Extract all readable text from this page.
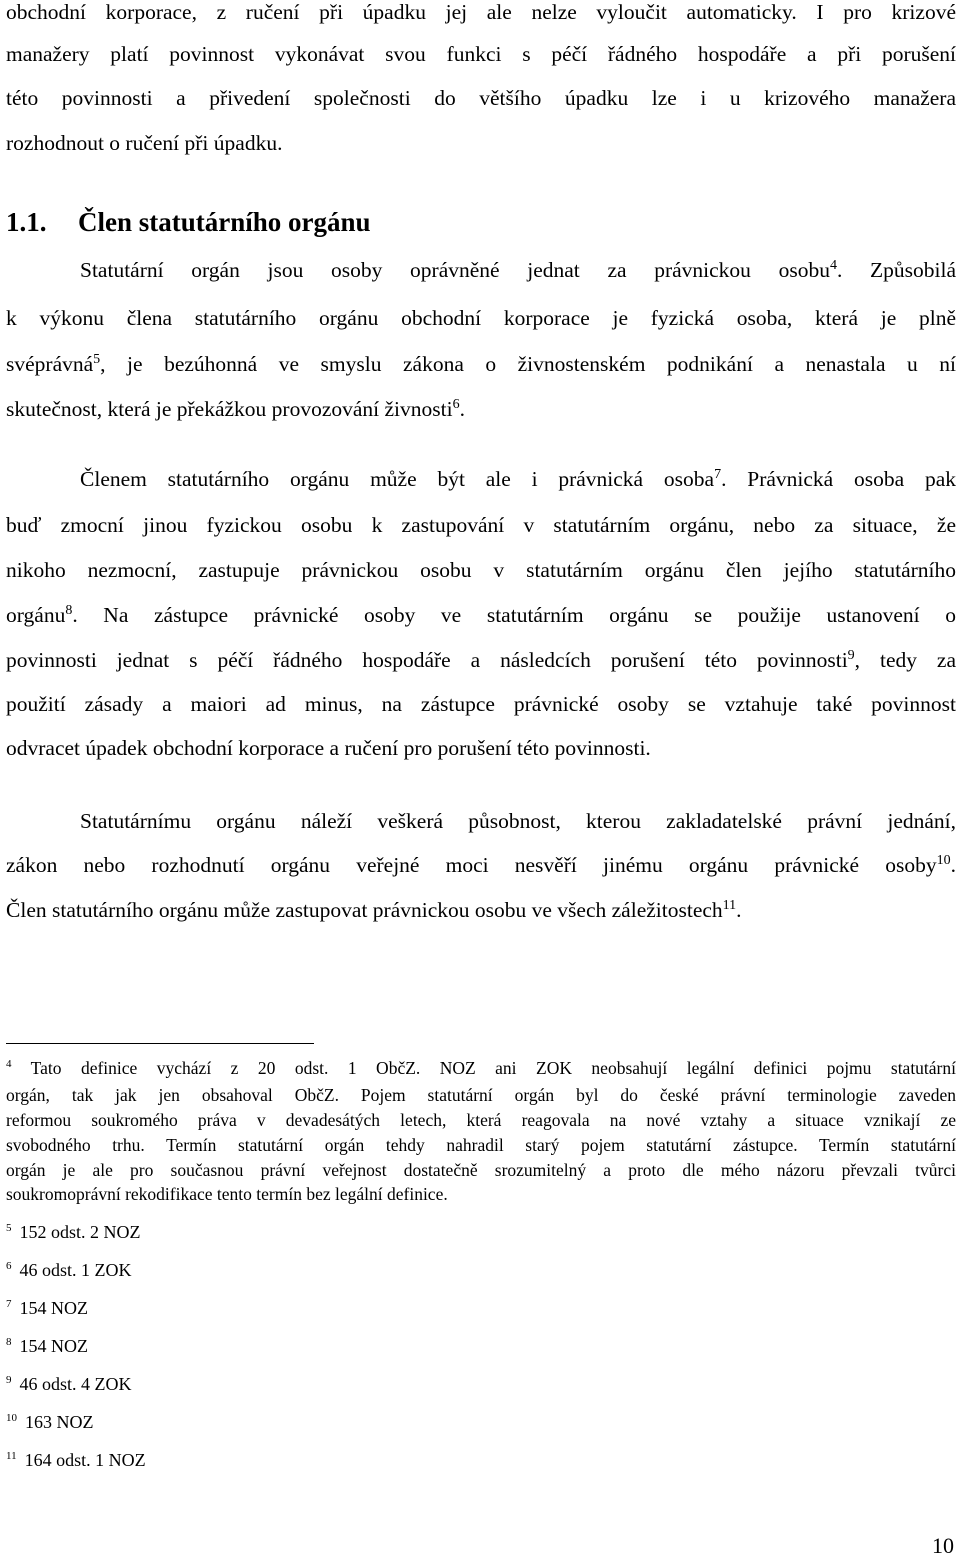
obchodní korporace, z ručení při úpadku jej ale nelze vyloučit automaticky. I pro krizové
manažery platí povinnost vykonávat svou funkci s péčí řádného hospodáře a při porušení
této povinnosti a přivedení společnosti do většího úpadku lze i u krizového manažera
rozhodnout o ručení při úpadku.
1.1. Člen statutárního orgánu
Statutární orgán jsou osoby oprávněné jednat za právnickou osobu$^4$. Způsobilá
k výkonu člena statutárního orgánu obchodní korporace je fyzická osoba, která je plně
svéprávná$^5$, je bezúhonná ve smyslu zákona o živnostenském podnikání a nenastala u ní
skutečnost, která je překážkou provozování živnosti$^6$.
Členem statutárního orgánu může být ale i právnická osoba$^7$. Právnická osoba pak
buď zmocní jinou fyzickou osobu k zastupování v statutárním orgánu, nebo za situace, že
nikoho nezmocní, zastupuje právnickou osobu v statutárním orgánu člen jejího statutárního
orgánu$^8$. Na zástupce právnické osoby ve statutárním orgánu se použije ustanovení o
povinnosti jednat s péčí řádného hospodáře a následcích porušení této povinnosti$^9$, tedy za
použití zásady a maiori ad minus, na zástupce právnické osoby se vztahuje také povinnost
odvracet úpadek obchodní korporace a ručení pro porušení této povinnosti.
Statutárnímu orgánu náleží veškerá působnost, kterou zakladatelské právní jednání,
zákon nebo rozhodnutí orgánu veřejné moci nesvěří jinému orgánu právnické osoby$^{10}$.
Člen statutárního orgánu může zastupovat právnickou osobu ve všech záležitostech$^{11}$.
$^4$ Tato definice vychází z 20 odst. 1 ObčZ. NOZ ani ZOK neobsahují legální definici pojmu statutární
orgán, tak jak jen obsahoval ObčZ. Pojem statutární orgán byl do české právní terminologie zaveden
reformou soukromého práva v devadesátých letech, která reagovala na nové vztahy a situace vznikají ze
svobodného trhu. Termín statutární orgán tehdy nahradil starý pojem statutární zástupce. Termín statutární
orgán je ale pro současnou právní veřejnost dostatečně srozumitelný a proto dle mého názoru převzali tvůrci
soukromoprávní rekodifikace tento termín bez legální definice.
$^5$ 152 odst. 2 NOZ
$^6$ 46 odst. 1 ZOK
$^7$ 154 NOZ
$^8$ 154 NOZ
$^9$ 46 odst. 4 ZOK
$^{10}$ 163 NOZ
$^{11}$ 164 odst. 1 NOZ
10
